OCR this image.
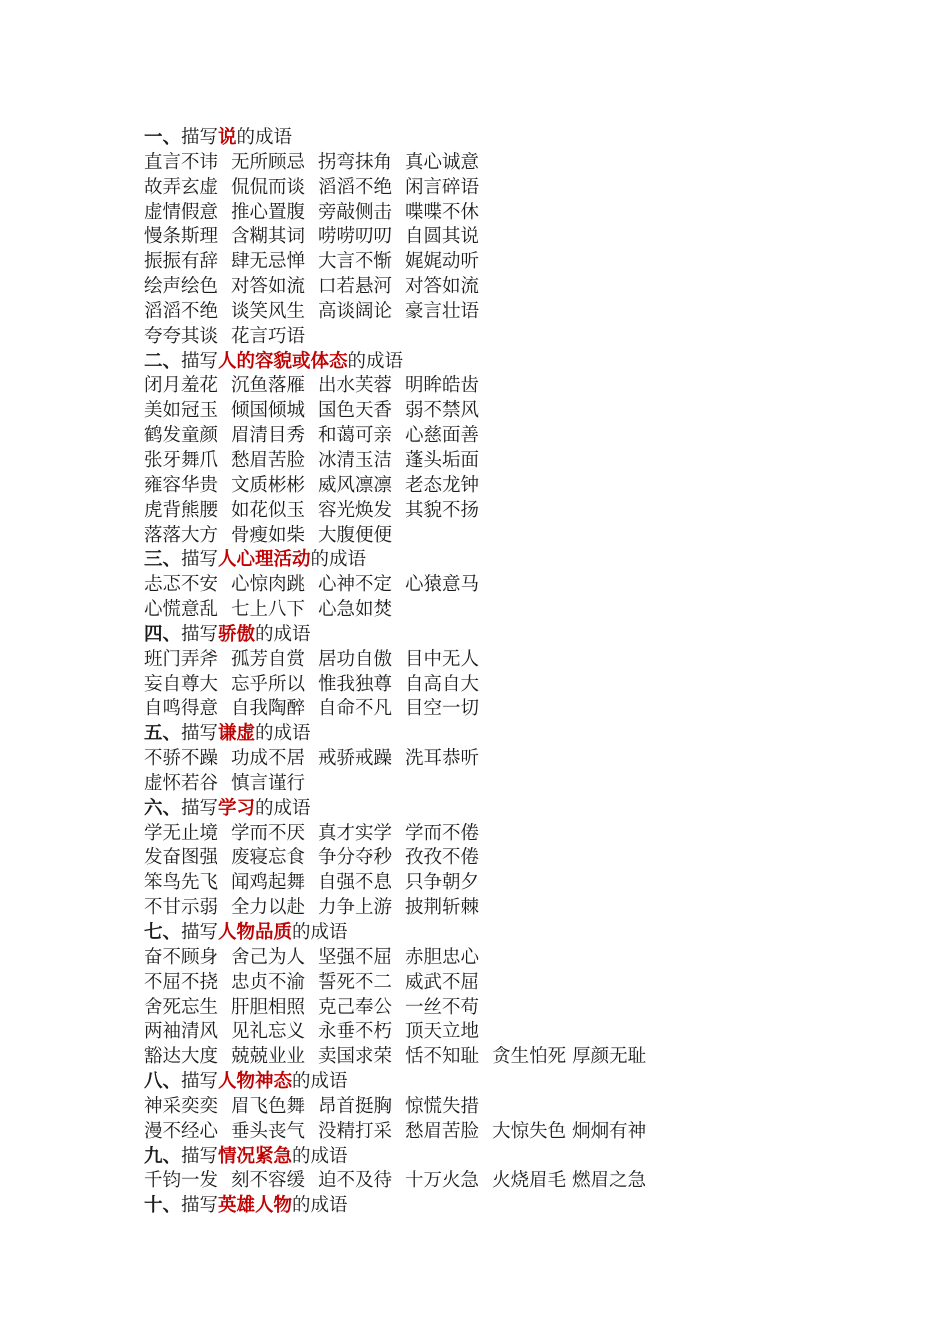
一、描写说的成语
直言不讳 无所顾忌 拐弯抹角 真心诚意
故弄玄虚 侃侃而谈 滔滔不绝 闲言碎语
虚情假意 推心置腹 旁敲侧击 喋喋不休
慢条斯理 含糊其词 唠唠叨叨 自圆其说
振振有辞 肆无忌惮 大言不惭 娓娓动听
绘声绘色 对答如流 口若悬河 对答如流
滔滔不绝 谈笑风生 高谈阔论 豪言壮语
夸夸其谈 花言巧语
二、描写人的容貌或体态的成语
闭月羞花 沉鱼落雁 出水芙蓉 明眸皓齿
美如冠玉 倾国倾城 国色天香 弱不禁风
鹤发童颜 眉清目秀 和蔼可亲 心慈面善
张牙舞爪 愁眉苦脸 冰清玉洁 蓬头垢面
雍容华贵 文质彬彬 威风凛凛 老态龙钟
虎背熊腰 如花似玉 容光焕发 其貌不扬
落落大方 骨瘦如柴 大腹便便
三、描写人心理活动的成语
忐忑不安 心惊肉跳 心神不定 心猿意马
心慌意乱 七上八下 心急如焚
四、描写骄傲的成语
班门弄斧 孤芳自赏 居功自傲 目中无人
妄自尊大 忘乎所以 惟我独尊 自高自大
自鸣得意 自我陶醉 自命不凡 目空一切
五、描写谦虚的成语
不骄不躁 功成不居 戒骄戒躁 洗耳恭听
虚怀若谷 慎言谨行
六、描写学习的成语
学无止境 学而不厌 真才实学 学而不倦
发奋图强 废寝忘食 争分夺秒 孜孜不倦
笨鸟先飞 闻鸡起舞 自强不息 只争朝夕
不甘示弱 全力以赴 力争上游 披荆斩棘
七、描写人物品质的成语
奋不顾身 舍己为人 坚强不屈 赤胆忠心
不屈不挠 忠贞不渝 誓死不二 威武不屈
舍死忘生 肝胆相照 克己奉公 一丝不苟
两袖清风 见礼忘义 永垂不朽 顶天立地
豁达大度 兢兢业业 卖国求荣 恬不知耻 贪生怕死 厚颜无耻
八、描写人物神态的成语
神采奕奕 眉飞色舞 昂首挺胸 惊慌失措
漫不经心 垂头丧气 没精打采 愁眉苦脸 大惊失色 炯炯有神
九、描写情况紧急的成语
千钧一发 刻不容缓 迫不及待 十万火急 火烧眉毛 燃眉之急
十、描写英雄人物的成语
